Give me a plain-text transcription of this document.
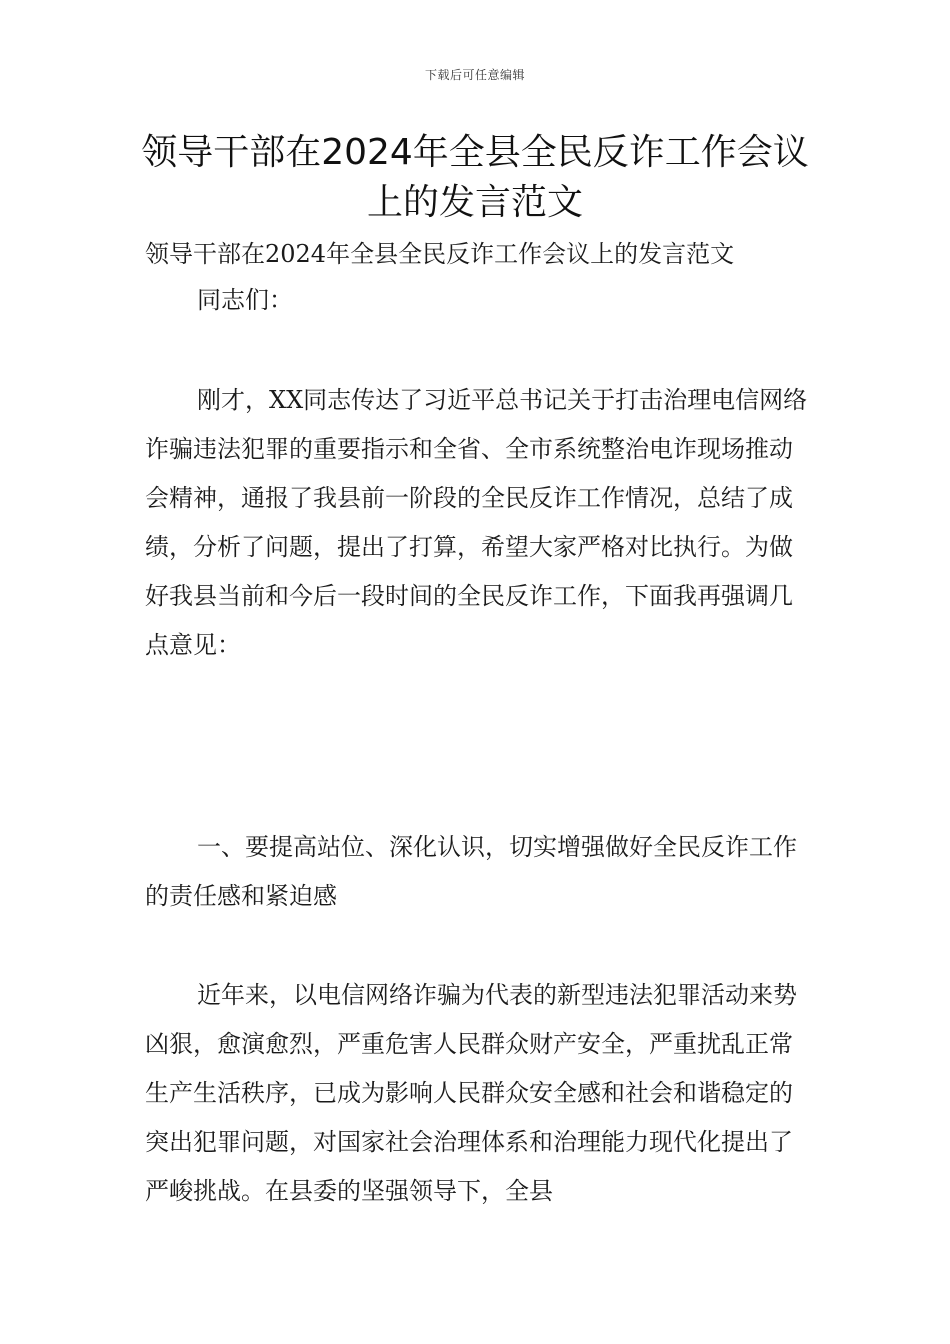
下载后可任意编辑
领导干部在2024年全县全民反诈工作会议上的发言范文

领导干部在2024年全县全民反诈工作会议上的发言范文

同志们：

刚才，XX同志传达了习近平总书记关于打击治理电信网络诈骗违法犯罪的重要指示和全省、全市系统整治电诈现场推动会精神，通报了我县前一阶段的全民反诈工作情况，总结了成绩，分析了问题，提出了打算，希望大家严格对比执行。为做好我县当前和今后一段时间的全民反诈工作，下面我再强调几点意见：

一、要提高站位、深化认识，切实增强做好全民反诈工作的责任感和紧迫感

近年来，以电信网络诈骗为代表的新型违法犯罪活动来势凶狠，愈演愈烈，严重危害人民群众财产安全，严重扰乱正常生产生活秩序，已成为影响人民群众安全感和社会和谐稳定的突出犯罪问题，对国家社会治理体系和治理能力现代化提出了严峻挑战。在县委的坚强领导下，全县
